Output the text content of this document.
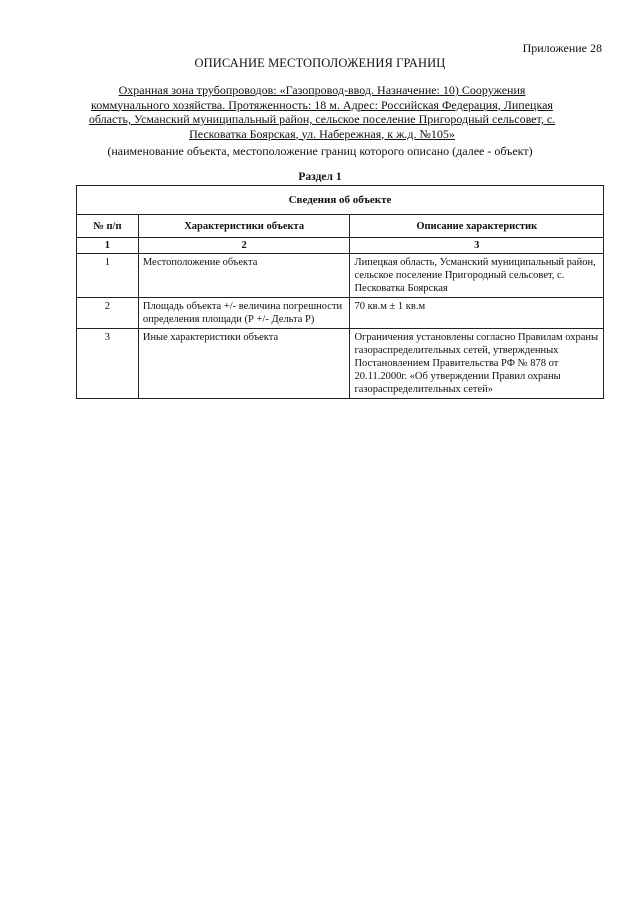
Приложение 28
ОПИСАНИЕ МЕСТОПОЛОЖЕНИЯ ГРАНИЦ
Охранная зона трубопроводов: «Газопровод-ввод. Назначение: 10) Сооружения
коммунального хозяйства. Протяженность: 18 м. Адрес: Российская Федерация, Липецкая
область, Усманский муниципальный район, сельское поселение Пригородный сельсовет, с.
Песковатка Боярская, ул. Набережная, к ж.д. №105»
(наименование объекта, местоположение границ которого описано (далее - объект)
Раздел 1
Сведения об объекте		
№ п/п	Характеристики объекта	Описание характеристик
1	2	3
1	Местоположение объекта	Липецкая область, Усманский муниципальный район, сельское поселение Пригородный сельсовет, с. Песковатка Боярская
2	Площадь объекта +/- величина погрешности определения площади (Р +/- Дельта Р)	70 кв.м ± 1 кв.м
3	Иные характеристики объекта	Ограничения установлены согласно Правилам охраны газораспределительных сетей, утвержденных Постановлением Правительства РФ № 878 от 20.11.2000г. «Об утверждении Правил охраны газораспределительных сетей»
